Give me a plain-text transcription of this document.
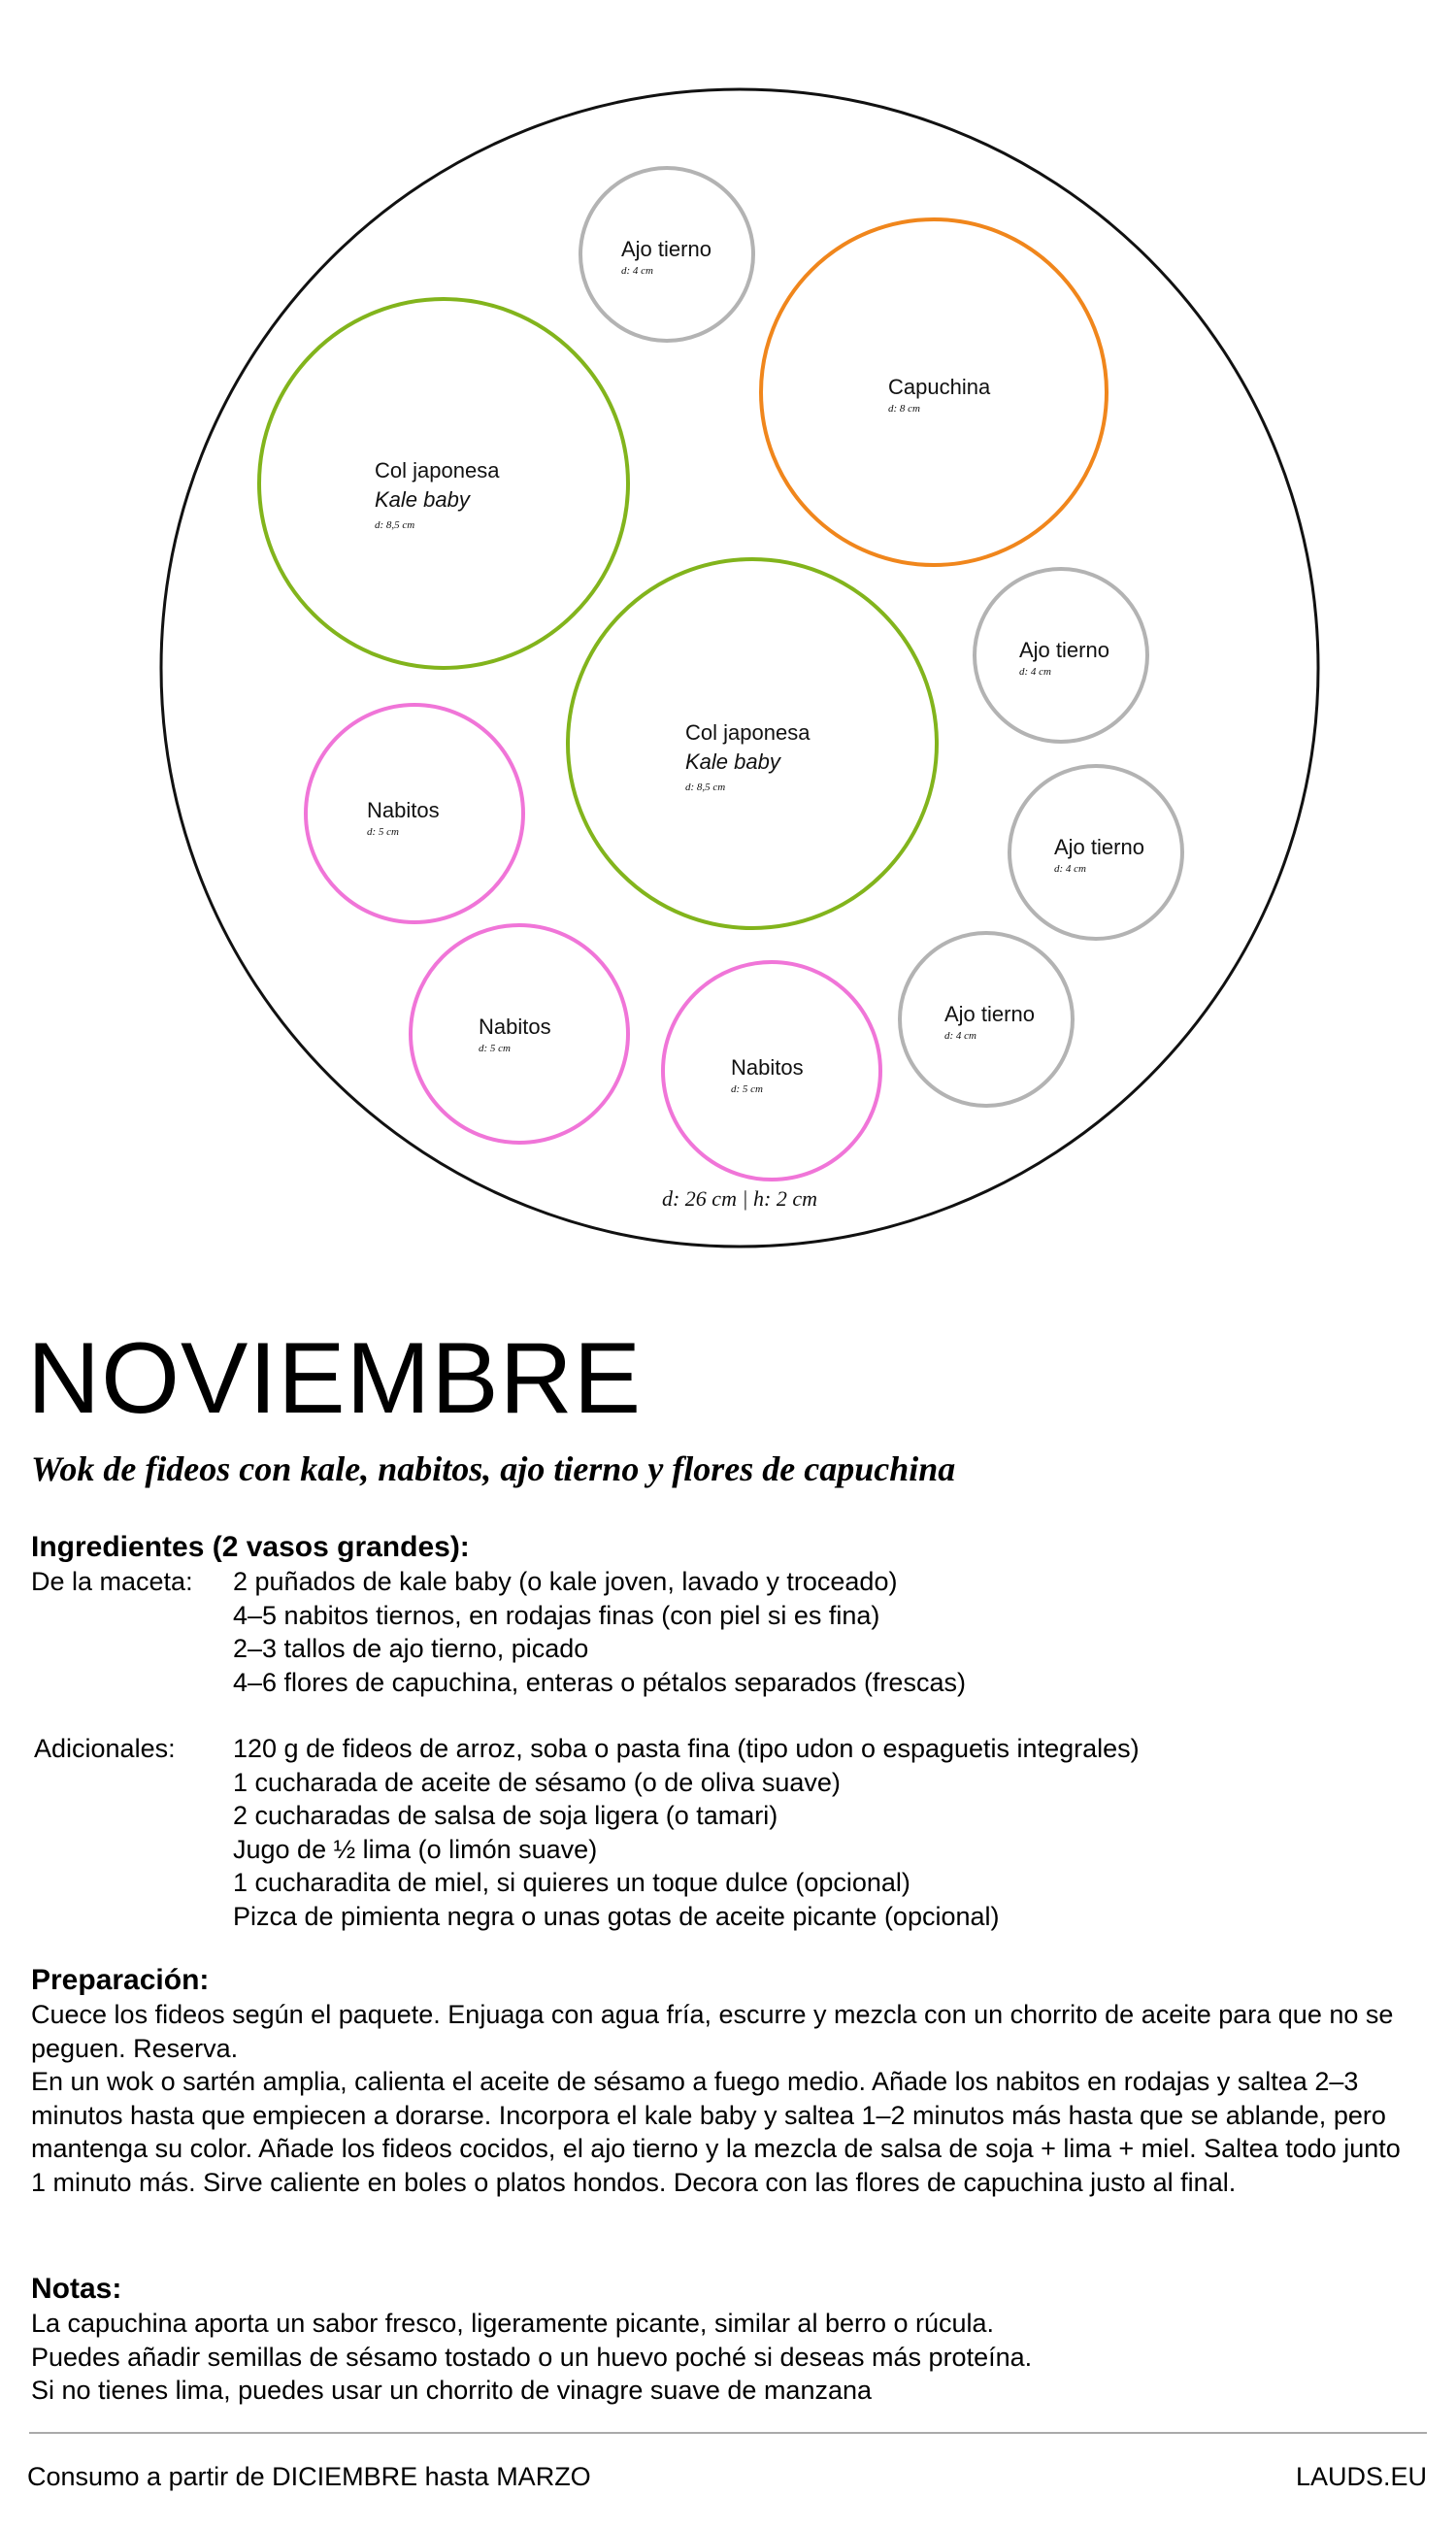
Ajo tierno
d: 4 cm
Capuchina
d: 8 cm
Col japonesa
Kale baby
d: 8,5 cm
Col japonesa
Kale baby
d: 8,5 cm
Ajo tierno
d: 4 cm
Nabitos
d: 5 cm
Ajo tierno
d: 4 cm
Nabitos
d: 5 cm
Ajo tierno
d: 4 cm
Nabitos
d: 5 cm
d: 26 cm | h: 2 cm
NOVIEMBRE
Wok de fideos con kale, nabitos, ajo tierno y flores de capuchina
Ingredientes (2 vasos grandes):
De la maceta:	2 puñados de kale baby (o kale joven, lavado y troceado)
4–5 nabitos tiernos, en rodajas finas (con piel si es fina)
2–3 tallos de ajo tierno, picado
4–6 flores de capuchina, enteras o pétalos separados (frescas)
Adicionales:	120 g de fideos de arroz, soba o pasta fina (tipo udon o espaguetis integrales)
1 cucharada de aceite de sésamo (o de oliva suave)
2 cucharadas de salsa de soja ligera (o tamari)
Jugo de ½ lima (o limón suave)
1 cucharadita de miel, si quieres un toque dulce (opcional)
Pizca de pimienta negra o unas gotas de aceite picante (opcional)
Preparación:
Cuece los fideos según el paquete. Enjuaga con agua fría, escurre y mezcla con un chorrito de aceite para que no se peguen. Reserva.
En un wok o sartén amplia, calienta el aceite de sésamo a fuego medio. Añade los nabitos en rodajas y saltea 2–3 minutos hasta que empiecen a dorarse. Incorpora el kale baby y saltea 1–2 minutos más hasta que se ablande, pero mantenga su color. Añade los fideos cocidos, el ajo tierno y la mezcla de salsa de soja + lima + miel. Saltea todo junto 1 minuto más. Sirve caliente en boles o platos hondos. Decora con las flores de capuchina justo al final.
Notas:
La capuchina aporta un sabor fresco, ligeramente picante, similar al berro o rúcula.
Puedes añadir semillas de sésamo tostado o un huevo poché si deseas más proteína.
Si no tienes lima, puedes usar un chorrito de vinagre suave de manzana
Consumo a partir de DICIEMBRE hasta MARZO	LAUDS.EU
